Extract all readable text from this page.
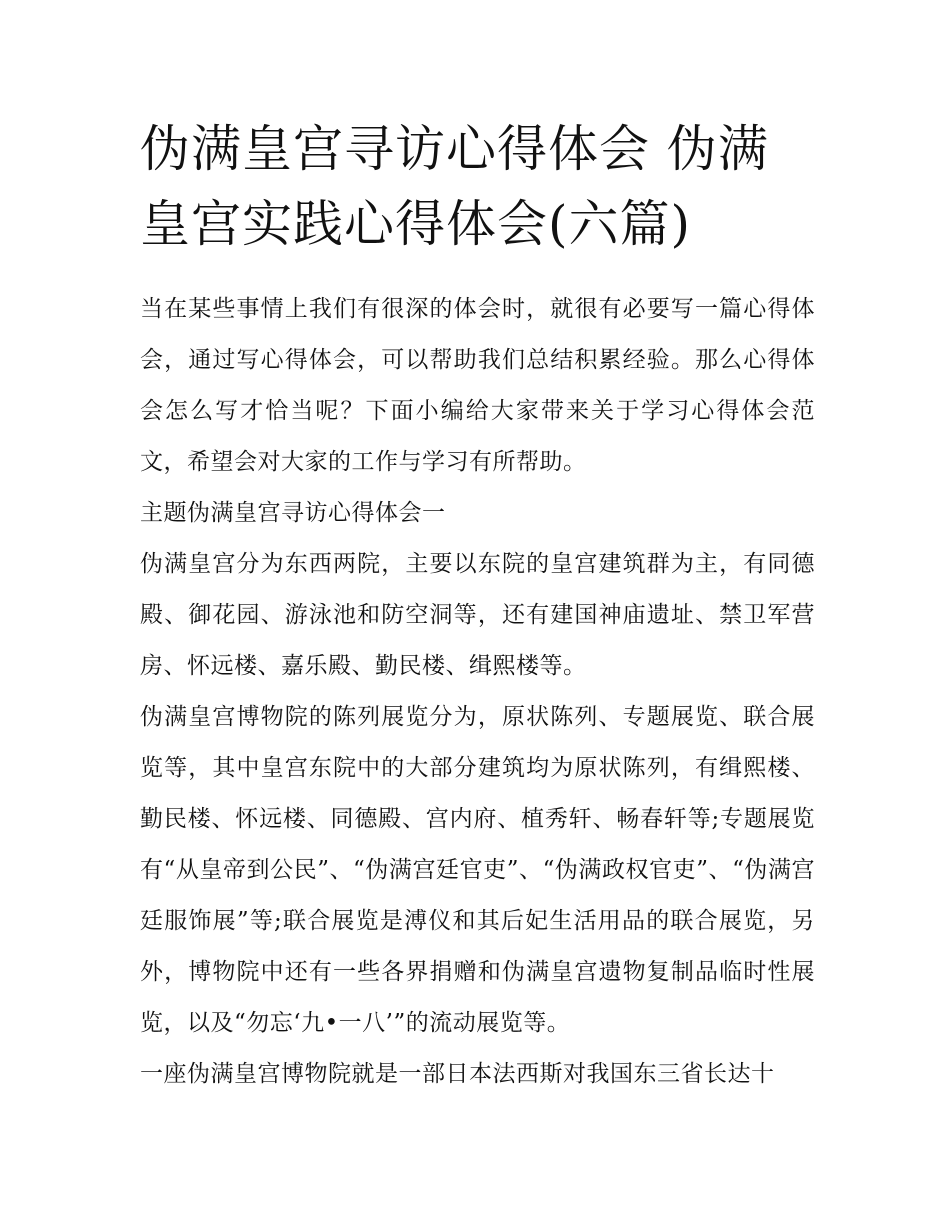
伪满皇宫寻访心得体会 伪满皇宫实践心得体会(六篇)

当在某些事情上我们有很深的体会时，就很有必要写一篇心得体会，通过写心得体会，可以帮助我们总结积累经验。那么心得体会怎么写才恰当呢？下面小编给大家带来关于学习心得体会范文，希望会对大家的工作与学习有所帮助。

主题伪满皇宫寻访心得体会一

伪满皇宫分为东西两院，主要以东院的皇宫建筑群为主，有同德殿、御花园、游泳池和防空洞等，还有建国神庙遗址、禁卫军营房、怀远楼、嘉乐殿、勤民楼、缉熙楼等。

伪满皇宫博物院的陈列展览分为，原状陈列、专题展览、联合展览等，其中皇宫东院中的大部分建筑均为原状陈列，有缉熙楼、勤民楼、怀远楼、同德殿、宫内府、植秀轩、畅春轩等;专题展览有“从皇帝到公民”、“伪满宫廷官吏”、“伪满政权官吏”、“伪满宫廷服饰展”等;联合展览是溥仪和其后妃生活用品的联合展览，另外，博物院中还有一些各界捐赠和伪满皇宫遗物复制品临时性展览，以及“勿忘‘九•一八’”的流动展览等。

一座伪满皇宫博物院就是一部日本法西斯对我国东三省长达十
